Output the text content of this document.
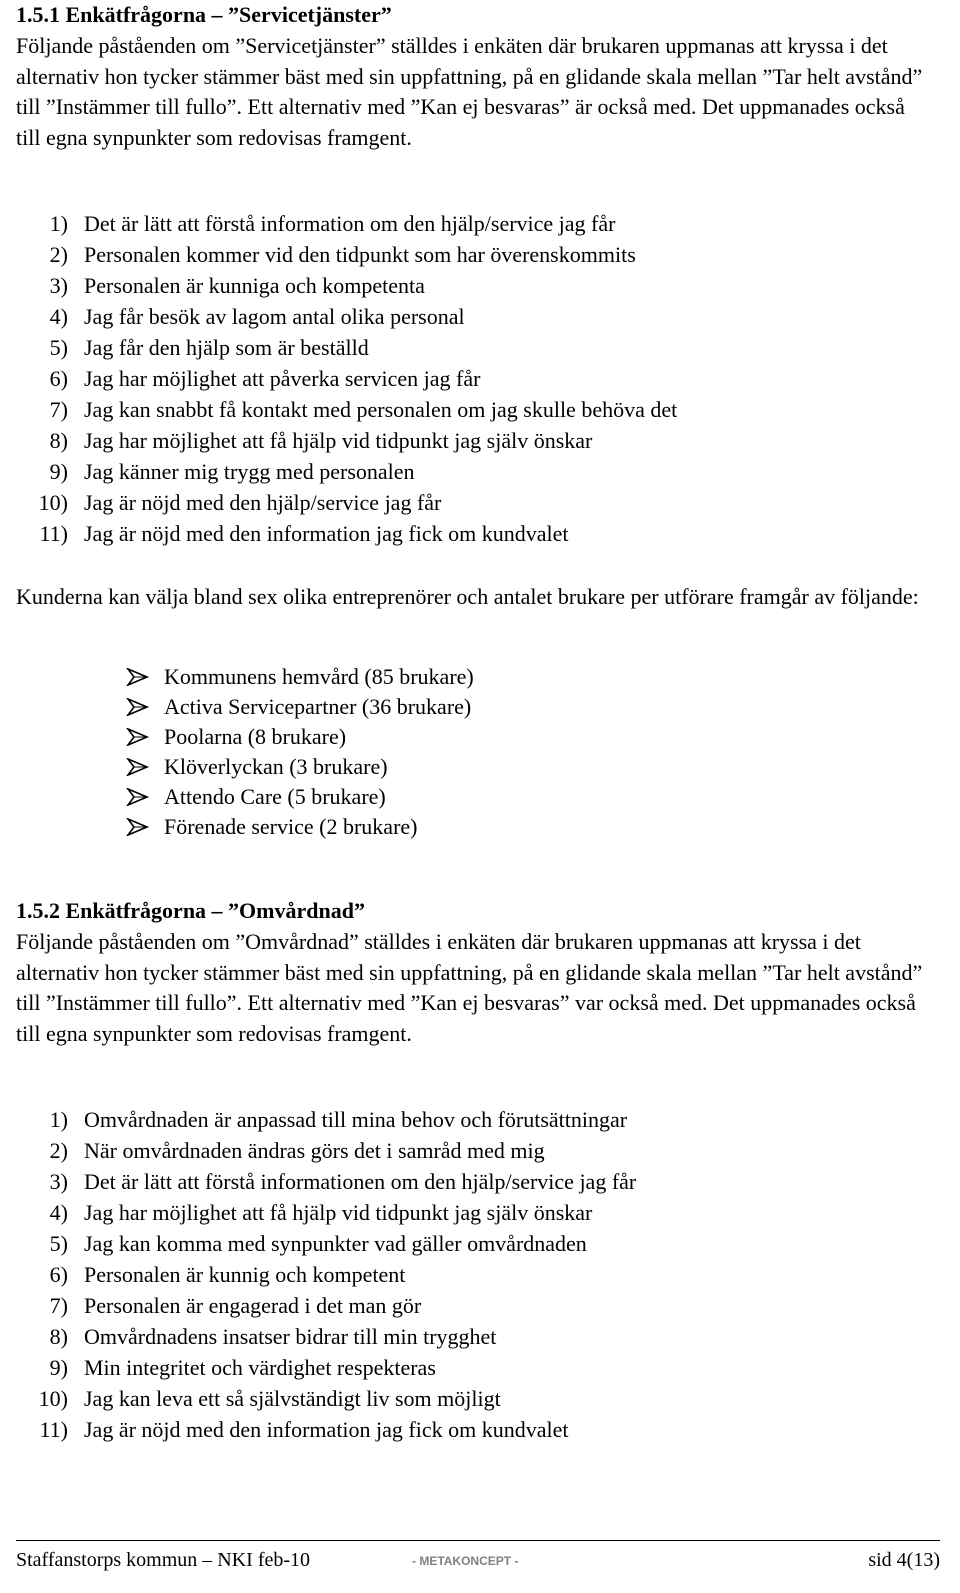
1.5.1 Enkätfrågorna – ”Servicetjänster”

Följande påståenden om ”Servicetjänster” ställdes i enkäten där brukaren uppmanas att kryssa i det alternativ hon tycker stämmer bäst med sin uppfattning, på en glidande skala mellan ”Tar helt avstånd” till ”Instämmer till fullo”. Ett alternativ med ”Kan ej besvaras” är också med. Det uppmanades också till egna synpunkter som redovisas framgent.

1) Det är lätt att förstå information om den hjälp/service jag får
2) Personalen kommer vid den tidpunkt som har överenskommits
3) Personalen är kunniga och kompetenta
4) Jag får besök av lagom antal olika personal
5) Jag får den hjälp som är beställd
6) Jag har möjlighet att påverka servicen jag får
7) Jag kan snabbt få kontakt med personalen om jag skulle behöva det
8) Jag har möjlighet att få hjälp vid tidpunkt jag själv önskar
9) Jag känner mig trygg med personalen
10) Jag är nöjd med den hjälp/service jag får
11) Jag är nöjd med den information jag fick om kundvalet

Kunderna kan välja bland sex olika entreprenörer och antalet brukare per utförare framgår av följande:

Kommunens hemvård (85 brukare)
Activa Servicepartner (36 brukare)
Poolarna (8 brukare)
Klöverlyckan (3 brukare)
Attendo Care (5 brukare)
Förenade service (2 brukare)
1.5.2 Enkätfrågorna – ”Omvårdnad”

Följande påståenden om ”Omvårdnad” ställdes i enkäten där brukaren uppmanas att kryssa i det alternativ hon tycker stämmer bäst med sin uppfattning, på en glidande skala mellan ”Tar helt avstånd” till ”Instämmer till fullo”. Ett alternativ med ”Kan ej besvaras” var också med. Det uppmanades också till egna synpunkter som redovisas framgent.

1) Omvårdnaden är anpassad till mina behov och förutsättningar
2) När omvårdnaden ändras görs det i samråd med mig
3) Det är lätt att förstå informationen om den hjälp/service jag får
4) Jag har möjlighet att få hjälp vid tidpunkt jag själv önskar
5) Jag kan komma med synpunkter vad gäller omvårdnaden
6) Personalen är kunnig och kompetent
7) Personalen är engagerad i det man gör
8) Omvårdnadens insatser bidrar till min trygghet
9) Min integritet och värdighet respekteras
10) Jag kan leva ett så självständigt liv som möjligt
11) Jag är nöjd med den information jag fick om kundvalet
Staffanstorps kommun – NKI feb-10	- METAKONCEPT -	sid 4(13)
